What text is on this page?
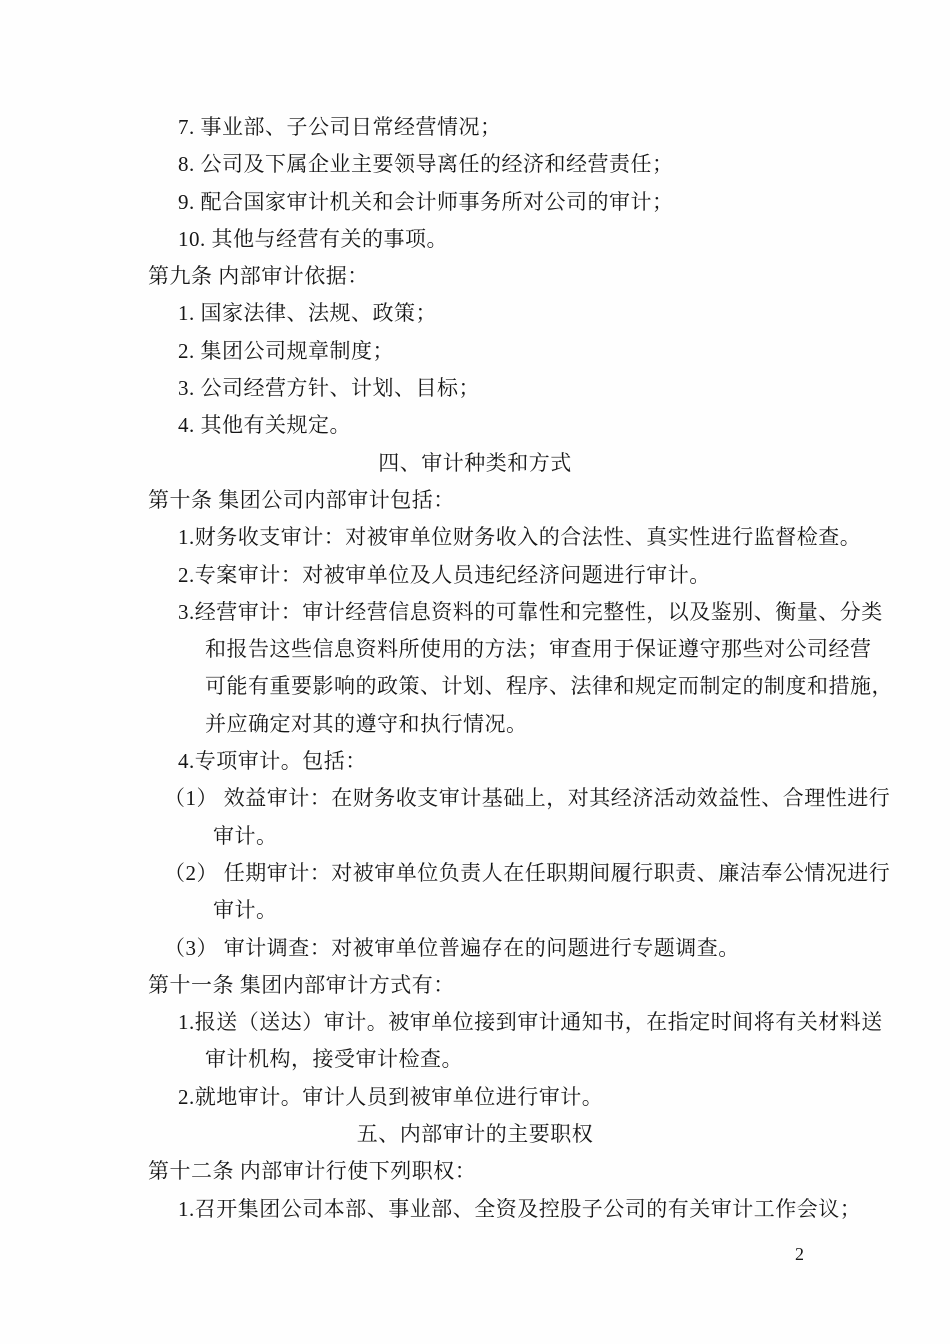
7. 事业部、子公司日常经营情况；
8. 公司及下属企业主要领导离任的经济和经营责任；
9. 配合国家审计机关和会计师事务所对公司的审计；
10. 其他与经营有关的事项。
第九条 内部审计依据：
1. 国家法律、法规、政策；
2. 集团公司规章制度；
3. 公司经营方针、计划、目标；
4. 其他有关规定。
四、审计种类和方式
第十条 集团公司内部审计包括：
1.财务收支审计：对被审单位财务收入的合法性、真实性进行监督检查。
2.专案审计：对被审单位及人员违纪经济问题进行审计。
3.经营审计：审计经营信息资料的可靠性和完整性，以及鉴别、衡量、分类
和报告这些信息资料所使用的方法；审查用于保证遵守那些对公司经营
可能有重要影响的政策、计划、程序、法律和规定而制定的制度和措施，
并应确定对其的遵守和执行情况。
4.专项审计。包括：
（1） 效益审计：在财务收支审计基础上，对其经济活动效益性、合理性进行
审计。
（2） 任期审计：对被审单位负责人在任职期间履行职责、廉洁奉公情况进行
审计。
（3） 审计调查：对被审单位普遍存在的问题进行专题调查。
第十一条 集团内部审计方式有：
1.报送（送达）审计。被审单位接到审计通知书，在指定时间将有关材料送
审计机构，接受审计检查。
2.就地审计。审计人员到被审单位进行审计。
五、内部审计的主要职权
第十二条 内部审计行使下列职权：
1.召开集团公司本部、事业部、全资及控股子公司的有关审计工作会议；
2
